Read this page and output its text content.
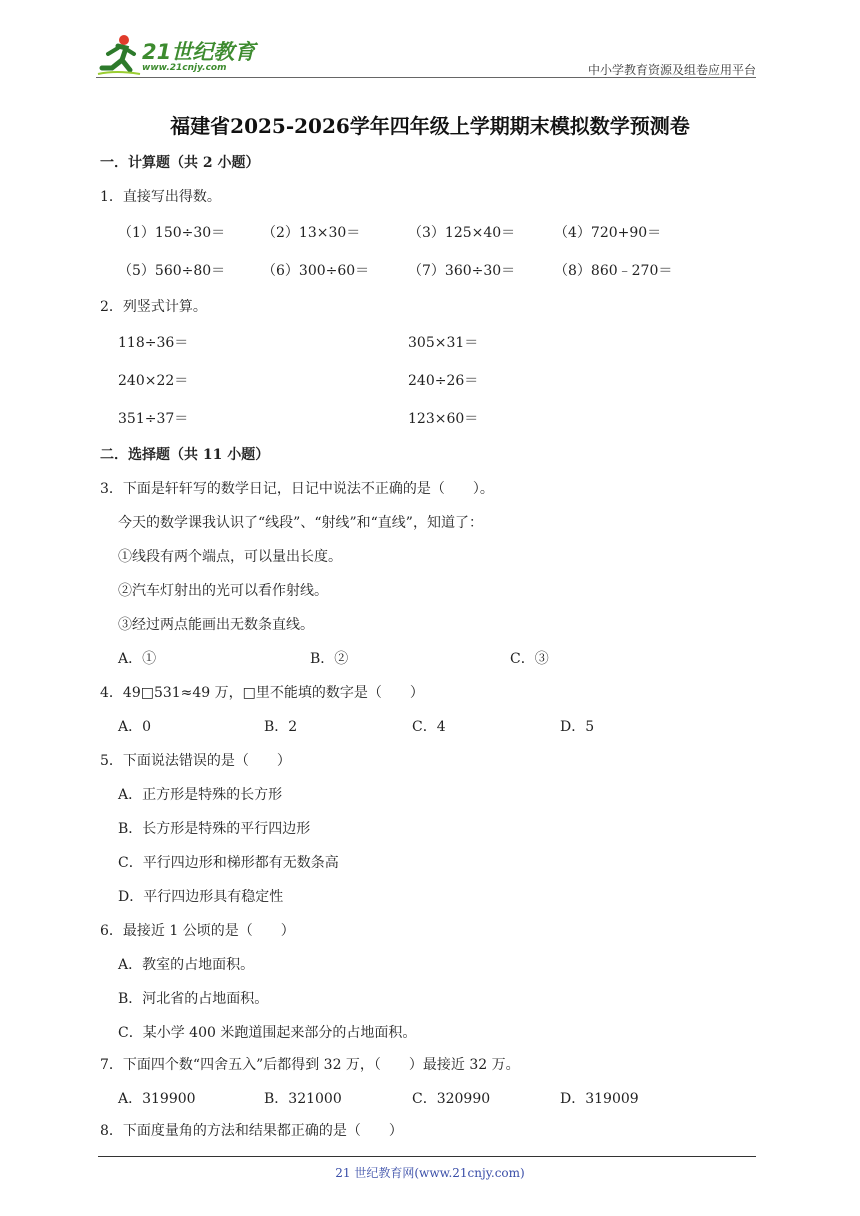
21世纪教育
www.21cnjy.com	中小学教育资源及组卷应用平台
福建省2025-2026学年四年级上学期期末模拟数学预测卷
一．计算题（共 2 小题）
1．直接写出得数。
（1）150÷30＝	（2）13×30＝	（3）125×40＝	（4）720+90＝
（5）560÷80＝	（6）300÷60＝	（7）360÷30＝	（8）860﹣270＝
2．列竖式计算。
118÷36＝	305×31＝
240×22＝	240÷26＝
351÷37＝	123×60＝
二．选择题（共 11 小题）
3．下面是轩轩写的数学日记，日记中说法不正确的是（　　）。
今天的数学课我认识了“线段”、“射线”和“直线”，知道了：
①线段有两个端点，可以量出长度。
②汽车灯射出的光可以看作射线。
③经过两点能画出无数条直线。
A．①	B．②	C．③
4．49□531≈49 万，□里不能填的数字是（　　）
A．0	B．2	C．4	D．5
5．下面说法错误的是（　　）
A．正方形是特殊的长方形
B．长方形是特殊的平行四边形
C．平行四边形和梯形都有无数条高
D．平行四边形具有稳定性
6．最接近 1 公顷的是（　　）
A．教室的占地面积。
B．河北省的占地面积。
C．某小学 400 米跑道围起来部分的占地面积。
7．下面四个数“四舍五入”后都得到 32 万，（　　）最接近 32 万。
A．319900	B．321000	C．320990	D．319009
8．下面度量角的方法和结果都正确的是（　　）
21 世纪教育网(www.21cnjy.com)
